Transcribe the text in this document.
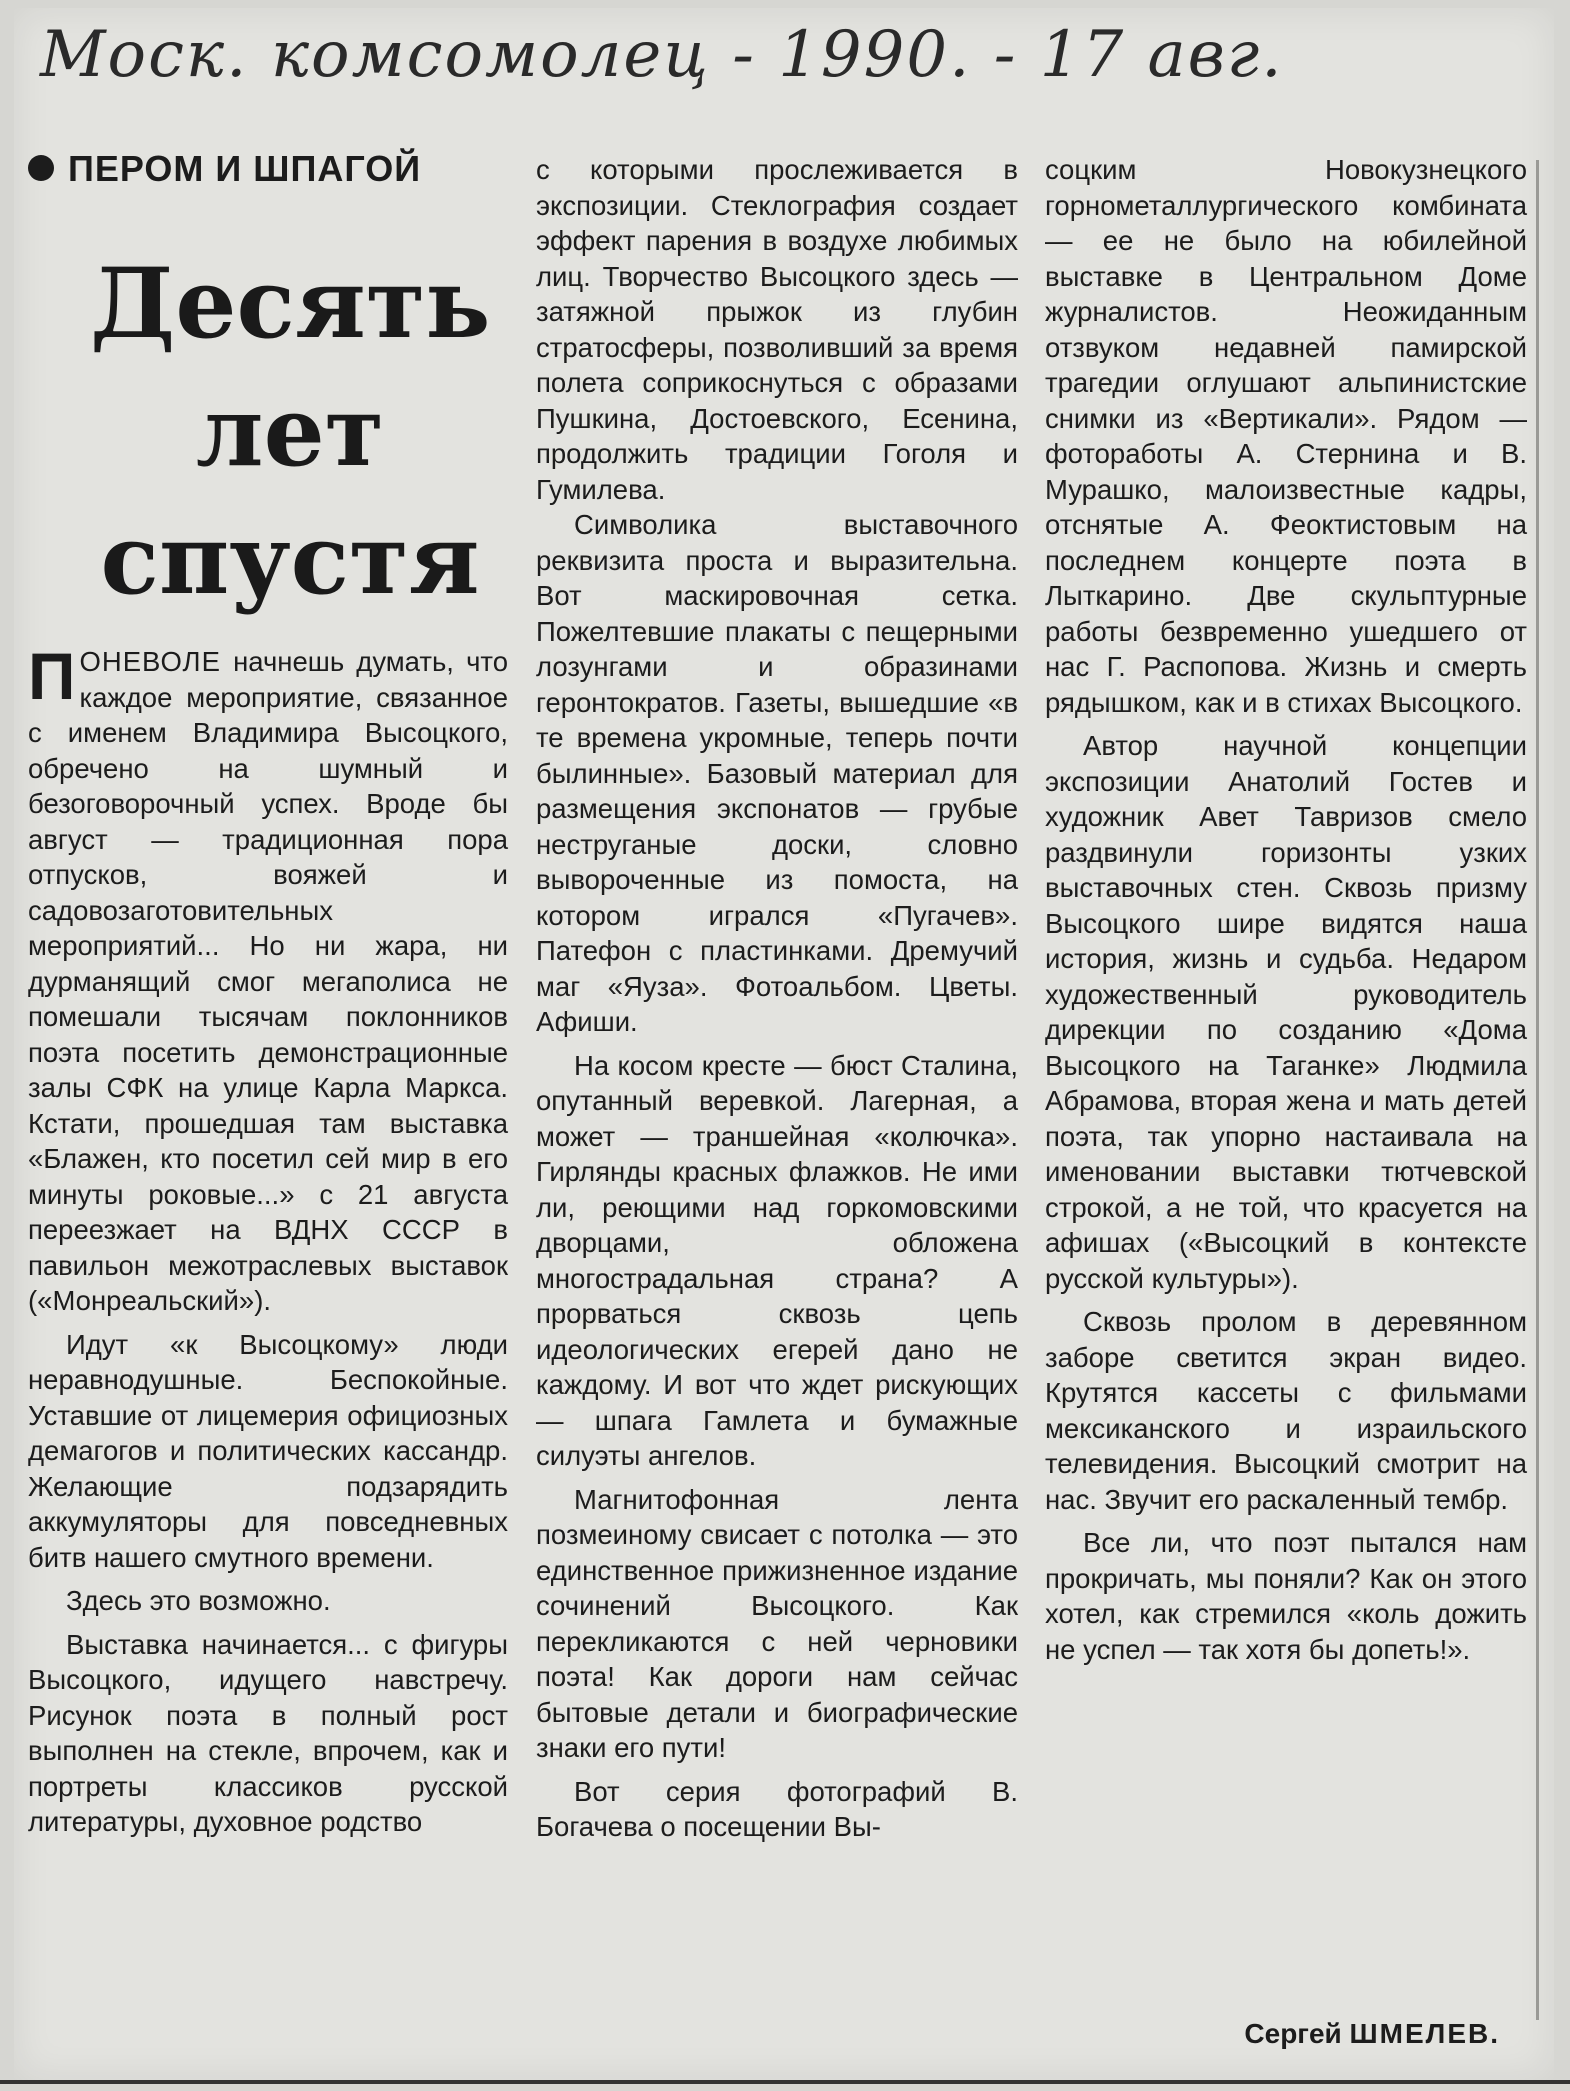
Моск. комсомолец - 1990. - 17 авг.
ПЕРОМ И ШПАГОЙ
Десять
лет
спустя

ПОНЕВОЛЕ начнешь думать, что каждое мероприятие, связанное с именем Владимира Высоцкого, обречено на шумный и безоговорочный успех. Вроде бы август — традиционная пора отпусков, вояжей и садовозаготовительных мероприятий... Но ни жара, ни дурманящий смог мегаполиса не помешали тысячам поклонников поэта посетить демонстрационные залы СФК на улице Карла Маркса. Кстати, прошедшая там выставка «Блажен, кто посетил сей мир в его минуты роковые...» с 21 августа переезжает на ВДНХ СССР в павильон межотраслевых выставок («Монреальский»).

Идут «к Высоцкому» люди неравнодушные. Беспокойные. Уставшие от лицемерия официозных демагогов и политических кассандр. Желающие подзарядить аккумуляторы для повседневных битв нашего смутного времени.

Здесь это возможно.

Выставка начинается... с фигуры Высоцкого, идущего навстречу. Рисунок поэта в полный рост выполнен на стекле, впрочем, как и портреты классиков русской литературы, духовное родство

с которыми прослеживается в экспозиции. Стеклография создает эффект парения в воздухе любимых лиц. Творчество Высоцкого здесь — затяжной прыжок из глубин стратосферы, позволивший за время полета соприкоснуться с образами Пушкина, Достоевского, Есенина, продолжить традиции Гоголя и Гумилева.

Символика выставочного реквизита проста и выразительна. Вот маскировочная сетка. Пожелтевшие плакаты с пещерными лозунгами и образинами геронтократов. Газеты, вышедшие «в те времена укромные, теперь почти былинные». Базовый материал для размещения экспонатов — грубые неструганые доски, словно вывороченные из помоста, на котором игрался «Пугачев». Патефон с пластинками. Дремучий маг «Яуза». Фотоальбом. Цветы. Афиши.

На косом кресте — бюст Сталина, опутанный веревкой. Лагерная, а может — траншейная «колючка». Гирлянды красных флажков. Не ими ли, реющими над горкомовскими дворцами, обложена многострадальная страна? А прорваться сквозь цепь идеологических егерей дано не каждому. И вот что ждет рискующих — шпага Гамлета и бумажные силуэты ангелов.

Магнитофонная лента позмеиному свисает с потолка — это единственное прижизненное издание сочинений Высоцкого. Как перекликаются с ней черновики поэта! Как дороги нам сейчас бытовые детали и биографические знаки его пути!

Вот серия фотографий В. Богачева о посещении Вы-

соцким Новокузнецкого горнометаллургического комбината — ее не было на юбилейной выставке в Центральном Доме журналистов. Неожиданным отзвуком недавней памирской трагедии оглушают альпинистские снимки из «Вертикали». Рядом — фотоработы А. Стернина и В. Мурашко, малоизвестные кадры, отснятые А. Феоктистовым на последнем концерте поэта в Лыткарино. Две скульптурные работы безвременно ушедшего от нас Г. Распопова. Жизнь и смерть рядышком, как и в стихах Высоцкого.

Автор научной концепции экспозиции Анатолий Гостев и художник Авет Тавризов смело раздвинули горизонты узких выставочных стен. Сквозь призму Высоцкого шире видятся наша история, жизнь и судьба. Недаром художественный руководитель дирекции по созданию «Дома Высоцкого на Таганке» Людмила Абрамова, вторая жена и мать детей поэта, так упорно настаивала на именовании выставки тютчевской строкой, а не той, что красуется на афишах («Высоцкий в контексте русской культуры»).

Сквозь пролом в деревянном заборе светится экран видео. Крутятся кассеты с фильмами мексиканского и израильского телевидения. Высоцкий смотрит на нас. Звучит его раскаленный тембр.

Все ли, что поэт пытался нам прокричать, мы поняли? Как он этого хотел, как стремился «коль дожить не успел — так хотя бы допеть!».

Сергей ШМЕЛЕВ.
